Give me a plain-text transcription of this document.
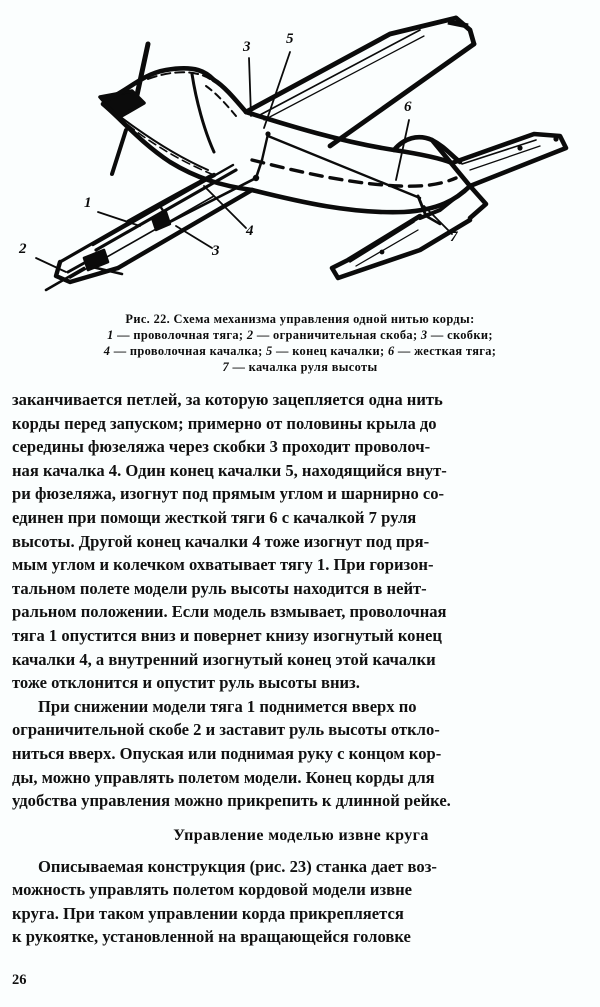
1
2	3
4
3 5
6
7
Рис. 22. Схема механизма управления одной нитью корды:
1 — проволочная тяга; 2 — ограничительная скоба; 3 — скобки;
4 — проволочная качалка; 5 — конец качалки; 6 — жесткая тяга;
7 — качалка руля высоты
заканчивается петлей, за которую зацепляется одна нить
корды перед запуском; примерно от половины крыла до
середины фюзеляжа через скобки 3 проходит проволоч-
ная качалка 4. Один конец качалки 5, находящийся внут-
ри фюзеляжа, изогнут под прямым углом и шарнирно со-
единен при помощи жесткой тяги 6 с качалкой 7 руля
высоты. Другой конец качалки 4 тоже изогнут под пря-
мым углом и колечком охватывает тягу 1. При горизон-
тальном полете модели руль высоты находится в нейт-
ральном положении. Если модель взмывает, проволочная
тяга 1 опустится вниз и повернет книзу изогнутый конец
качалки 4, а внутренний изогнутый конец этой качалки
тоже отклонится и опустит руль высоты вниз.
При снижении модели тяга 1 поднимется вверх по
ограничительной скобе 2 и заставит руль высоты откло-
ниться вверх. Опуская или поднимая руку с концом кор-
ды, можно управлять полетом модели. Конец корды для
удобства управления можно прикрепить к длинной рейке.
Управление моделью извне круга
Описываемая конструкция (рис. 23) станка дает воз-
можность управлять полетом кордовой модели извне
круга. При таком управлении корда прикрепляется
к рукоятке, установленной на вращающейся головке
26
